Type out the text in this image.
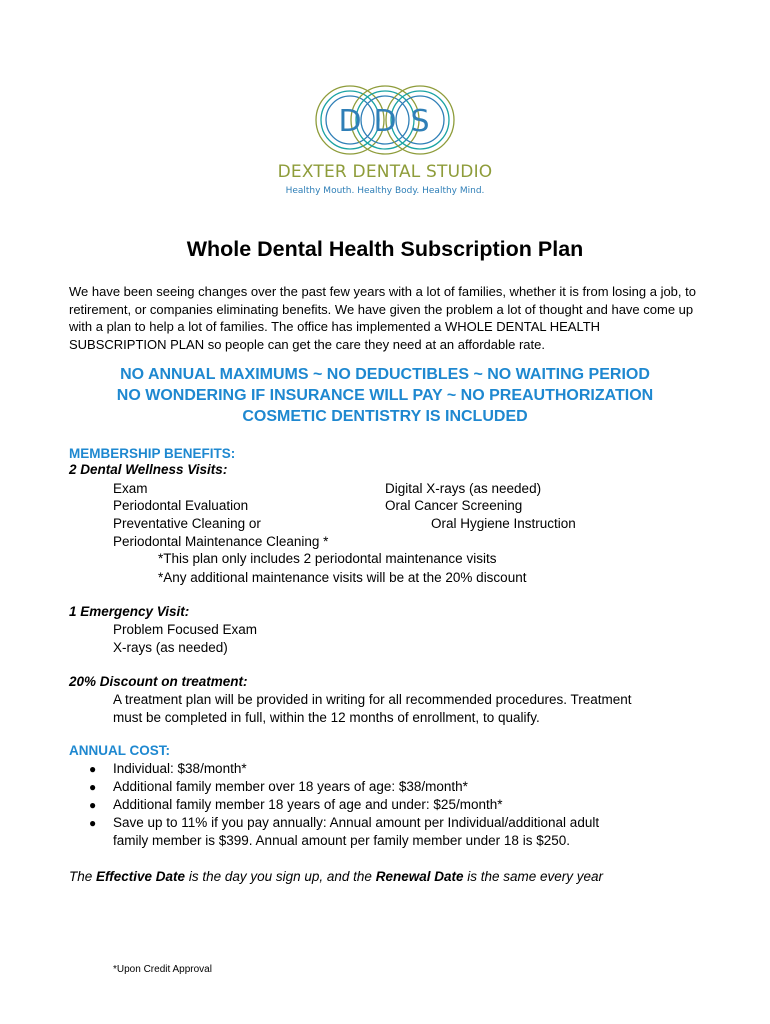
D D S
DEXTER DENTAL STUDIO
Healthy Mouth. Healthy Body. Healthy Mind.
Whole Dental Health Subscription Plan

We have been seeing changes over the past few years with a lot of families, whether it is from losing a job, to retirement, or companies eliminating benefits. We have given the problem a lot of thought and have come up with a plan to help a lot of families. The office has implemented a WHOLE DENTAL HEALTH SUBSCRIPTION PLAN so people can get the care they need at an affordable rate.

NO ANNUAL MAXIMUMS ~ NO DEDUCTIBLES ~ NO WAITING PERIOD
NO WONDERING IF INSURANCE WILL PAY ~ NO PREAUTHORIZATION
COSMETIC DENTISTRY IS INCLUDED
MEMBERSHIP BENEFITS:
2 Dental Wellness Visits:
Exam
Periodontal Evaluation
Preventative Cleaning or
Periodontal Maintenance Cleaning *
Digital X-rays (as needed)
Oral Cancer Screening
Oral Hygiene Instruction
*This plan only includes 2 periodontal maintenance visits
*Any additional maintenance visits will be at the 20% discount
1 Emergency Visit:
Problem Focused Exam
X-rays (as needed)
20% Discount on treatment:
A treatment plan will be provided in writing for all recommended procedures. Treatment
must be completed in full, within the 12 months of enrollment, to qualify.
ANNUAL COST:
● Individual: $38/month*
● Additional family member over 18 years of age: $38/month*
● Additional family member 18 years of age and under: $25/month*
● Save up to 11% if you pay annually: Annual amount per Individual/additional adult
family member is $399. Annual amount per family member under 18 is $250.
The Effective Date is the day you sign up, and the Renewal Date is the same every year
*Upon Credit Approval
